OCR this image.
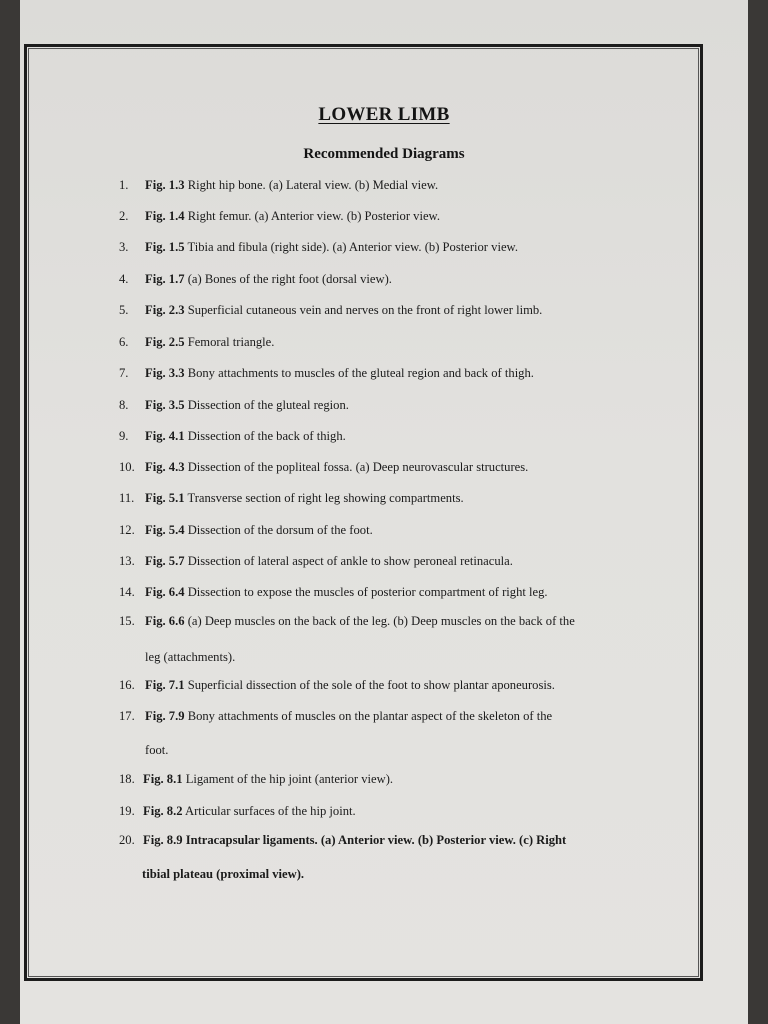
LOWER LIMB
Recommended Diagrams
1. Fig. 1.3 Right hip bone. (a) Lateral view. (b) Medial view.
2. Fig. 1.4 Right femur. (a) Anterior view. (b) Posterior view.
3. Fig. 1.5 Tibia and fibula (right side). (a) Anterior view. (b) Posterior view.
4. Fig. 1.7 (a) Bones of the right foot (dorsal view).
5. Fig. 2.3 Superficial cutaneous vein and nerves on the front of right lower limb.
6. Fig. 2.5 Femoral triangle.
7. Fig. 3.3 Bony attachments to muscles of the gluteal region and back of thigh.
8. Fig. 3.5 Dissection of the gluteal region.
9. Fig. 4.1 Dissection of the back of thigh.
10. Fig. 4.3 Dissection of the popliteal fossa. (a) Deep neurovascular structures.
11. Fig. 5.1 Transverse section of right leg showing compartments.
12. Fig. 5.4 Dissection of the dorsum of the foot.
13. Fig. 5.7 Dissection of lateral aspect of ankle to show peroneal retinacula.
14. Fig. 6.4 Dissection to expose the muscles of posterior compartment of right leg.
15. Fig. 6.6 (a) Deep muscles on the back of the leg. (b) Deep muscles on the back of the
leg (attachments).
16. Fig. 7.1 Superficial dissection of the sole of the foot to show plantar aponeurosis.
17. Fig. 7.9 Bony attachments of muscles on the plantar aspect of the skeleton of the
foot.
18. Fig. 8.1 Ligament of the hip joint (anterior view).
19. Fig. 8.2 Articular surfaces of the hip joint.
20. Fig. 8.9 Intracapsular ligaments. (a) Anterior view. (b) Posterior view. (c) Right
tibial plateau (proximal view).
